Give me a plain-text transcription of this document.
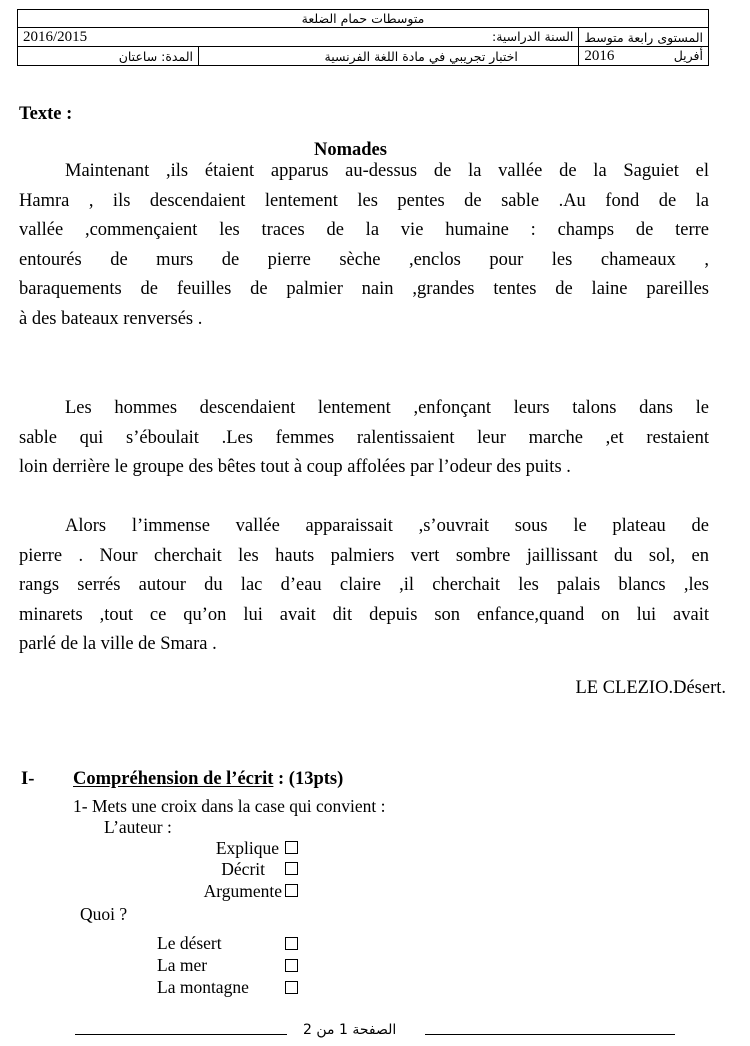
متوسطات حمام الضلعة		
2016/2015 السنة الدراسية:		المستوى رابعة متوسط
المدة: ساعتان	اختبار تجريبي في مادة اللغة الفرنسية	2016 أفريل
Texte :
Nomades
Maintenant ,ils étaient apparus au-dessus de la vallée de la Saguiet el
Hamra , ils descendaient lentement les pentes de sable .Au fond de la
vallée ,commençaient les traces de la vie humaine : champs de terre
entourés de murs de pierre sèche ,enclos pour les chameaux ,
baraquements de feuilles de palmier nain ,grandes tentes de laine pareilles
à des bateaux renversés .
Les hommes descendaient lentement ,enfonçant leurs talons dans le
sable qui s’éboulait .Les femmes ralentissaient leur marche ,et restaient
loin derrière le groupe des bêtes tout à coup affolées par l’odeur des puits .
Alors l’immense vallée apparaissait ,s’ouvrait sous le plateau de
pierre . Nour cherchait les hauts palmiers vert sombre jaillissant du sol, en
rangs serrés autour du lac d’eau claire ,il cherchait les palais blancs ,les
minarets ,tout ce qu’on lui avait dit depuis son enfance,quand on lui avait
parlé de la ville de Smara .
LE CLEZIO.Désert.
I- Compréhension de l’écrit : (13pts)
1- Mets une croix dans la case qui convient :
L’auteur :
Explique
Décrit
Argumente
Quoi ?
Le désert
La mer
La montagne
الصفحة 1 من 2
